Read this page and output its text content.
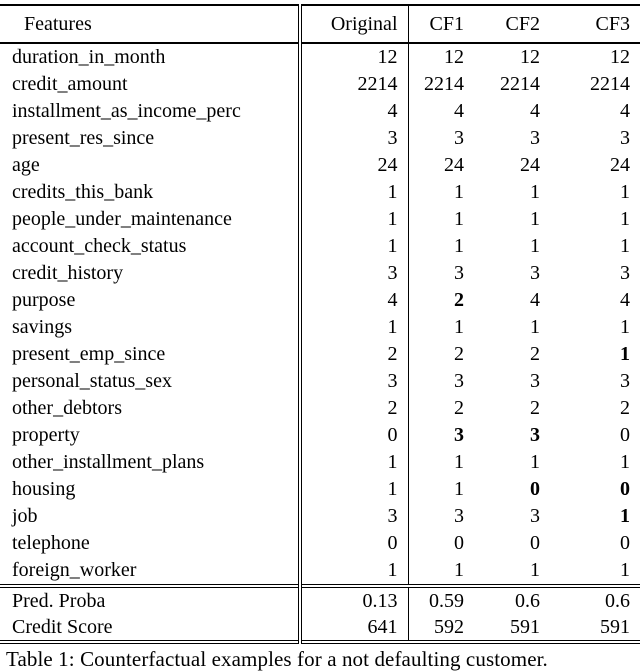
Features	Original	CF1	CF2	CF3
duration_in_month	12	12	12	12
credit_amount	2214	2214	2214	2214
installment_as_income_perc	4	4	4	4
present_res_since	3	3	3	3
age	24	24	24	24
credits_this_bank	1	1	1	1
people_under_maintenance	1	1	1	1
account_check_status	1	1	1	1
credit_history	3	3	3	3
purpose	4	2	4	4
savings	1	1	1	1
present_emp_since	2	2	2	1
personal_status_sex	3	3	3	3
other_debtors	2	2	2	2
property	0	3	3	0
other_installment_plans	1	1	1	1
housing	1	1	0	0
job	3	3	3	1
telephone	0	0	0	0
foreign_worker	1	1	1	1
Pred. Proba	0.13	0.59	0.6	0.6
Credit Score	641	592	591	591
Table 1: Counterfactual examples for a not defaulting customer.
